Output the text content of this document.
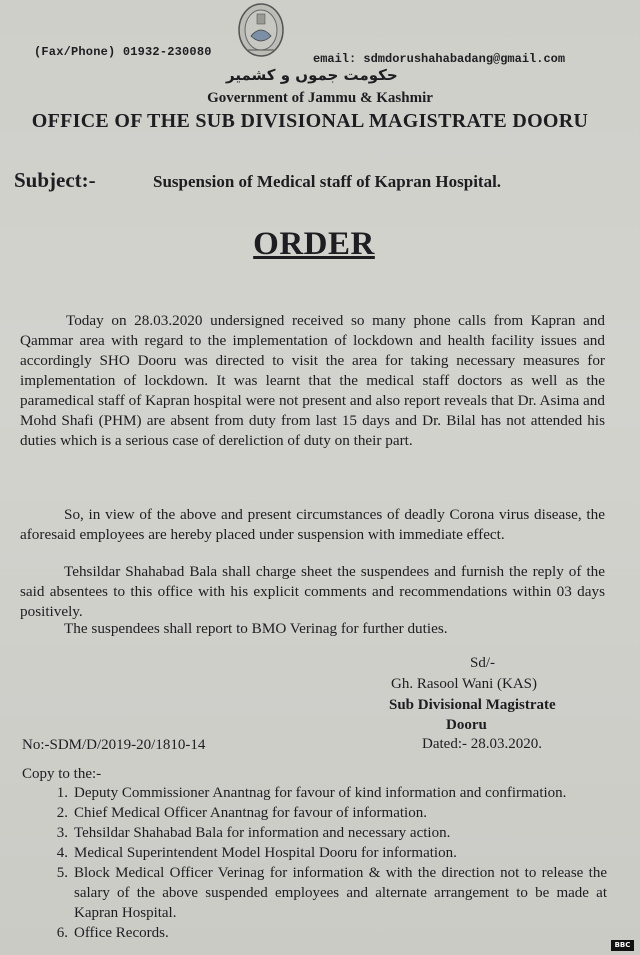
(Fax/Phone) 01932-230080	email: sdmdorushahabadang@gmail.com
حکومت جموں و کشمیر
Government of Jammu & Kashmir
OFFICE OF THE SUB DIVISIONAL MAGISTRATE DOORU
Subject:-	Suspension of Medical staff of Kapran Hospital.
ORDER

Today on 28.03.2020 undersigned received so many phone calls from Kapran and Qammar area with regard to the implementation of lockdown and health facility issues and accordingly SHO Dooru was directed to visit the area for taking necessary measures for implementation of lockdown. It was learnt that the medical staff doctors as well as the paramedical staff of Kapran hospital were not present and also report reveals that Dr. Asima and Mohd Shafi (PHM) are absent from duty from last 15 days and Dr. Bilal has not attended his duties which is a serious case of dereliction of duty on their part.

So, in view of the above and present circumstances of deadly Corona virus disease, the aforesaid employees are hereby placed under suspension with immediate effect.

Tehsildar Shahabad Bala shall charge sheet the suspendees and furnish the reply of the said absentees to this office with his explicit comments and recommendations within 03 days positively.

The suspendees shall report to BMO Verinag for further duties.

Sd/-
Gh. Rasool Wani (KAS)
Sub Divisional Magistrate
Dooru
No:-SDM/D/2019-20/1810-14	Dated:- 28.03.2020.
Copy to the:-
1. Deputy Commissioner Anantnag for favour of kind information and confirmation.
2. Chief Medical Officer Anantnag for favour of information.
3. Tehsildar Shahabad Bala for information and necessary action.
4. Medical Superintendent Model Hospital Dooru for information.
5. Block Medical Officer Verinag for information & with the direction not to release the salary of the above suspended employees and alternate arrangement to be made at Kapran Hospital.
6. Office Records.
BBC
